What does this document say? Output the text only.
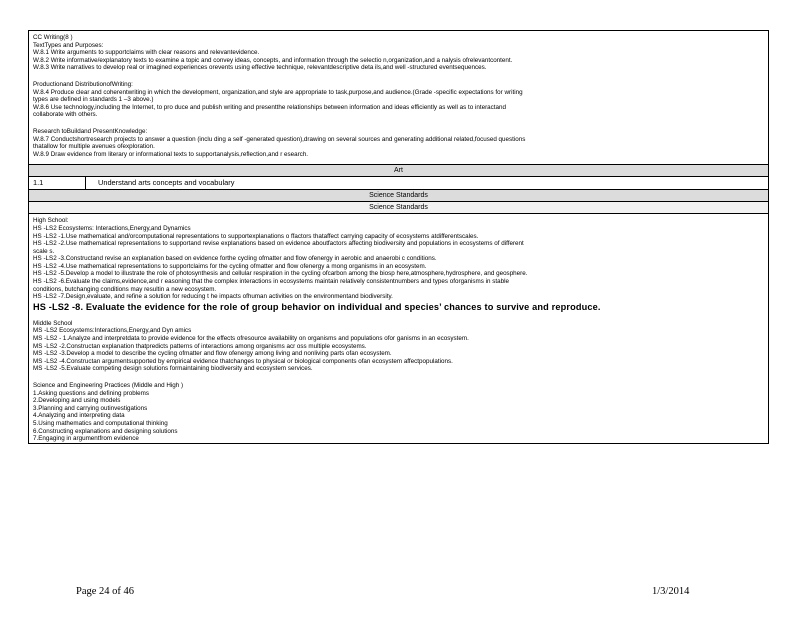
CC Writing(8 )
TextTypes and Purposes:
W.8.1 Write arguments to supportclaims with clear reasons and relevantevidence.
W.8.2 Write informative/explanatory texts to examine a topic and convey ideas, concepts, and information through the selectio n,organization,and a nalysis ofrelevantcontent.
W.8.3 Write narratives to develop real or imagined experiences orevents using effective technique, relevantdescriptive deta ils,and well -structured eventsequences.
Productionand DistributionofWriting:
W.8.4 Produce clear and coherentwriting in which the development, organization,and style are appropriate to task,purpose,and audience.(Grade -specific expectations for writing
types are defined in standards 1 –3 above.)
W.8.6 Use technology,including the Internet, to pro duce and publish writing and presentthe relationships between information and ideas efficiently as well as to interactand
collaborate with others.
Research toBuildand PresentKnowledge:
W.8.7 Conductshortresearch projects to answer a question (inclu ding a self -generated question),drawing on several sources and generating additional related,focused questions
thatallow for multiple avenues ofexploration.
W.8.9 Draw evidence from literary or informational texts to supportanalysis,reflection,and r esearch.
Art
1.1	Understand arts concepts and vocabulary
Science Standards
Science Standards
High School:
HS -LS2 Ecosystems: Interactions,Energy,and Dynamics
HS -LS2 -1.Use mathematical and/orcomputational representations to supportexplanations o ffactors thataffect carrying capacity of ecosystems atdifferentscales.
HS -LS2 -2.Use mathematical representations to supportand revise explanations based on evidence aboutfactors affecting biodiversity and populations in ecosystems of different
scale s.
HS -LS2 -3.Constructand revise an explanation based on evidence forthe cycling ofmatter and flow ofenergy in aerobic and anaerobi c conditions.
HS -LS2 -4.Use mathematical representations to supportclaims for the cycling ofmatter and flow ofenergy a mong organisms in an ecosystem.
HS -LS2 -5.Develop a model to illustrate the role of photosynthesis and cellular respiration in the cycling ofcarbon among the biosp here,atmosphere,hydrosphere, and geosphere.
HS -LS2 -6.Evaluate the claims,evidence,and r easoning that the complex interactions in ecosystems maintain relatively consistentnumbers and types oforganisms in stable
conditions, butchanging conditions may resultin a new ecosystem.
HS -LS2 -7.Design,evaluate, and refine a solution for reducing t he impacts ofhuman activities on the environmentand biodiversity.
HS -LS2 -8. Evaluate the evidence for the role of group behavior on individual and species’ chances to survive and reproduce.
Middle School
MS -LS2 Ecosystems:Interactions,Energy,and Dyn amics
MS -LS2 - 1.Analyze and interpretdata to provide evidence for the effects ofresource availability on organisms and populations ofor ganisms in an ecosystem.
MS -LS2 -2.Constructan explanation thatpredicts patterns of interactions among organisms acr oss multiple ecosystems.
MS -LS2 -3.Develop a model to describe the cycling ofmatter and flow ofenergy among living and nonliving parts ofan ecosystem.
MS -LS2 -4.Constructan argumentsupported by empirical evidence thatchanges to physical or biological components ofan ecosystem affectpopulations.
MS -LS2 -5.Evaluate competing design solutions formaintaining biodiversity and ecosystem services.
Science and Engineering Practices (Middle and High )
1.Asking questions and defining problems
2.Developing and using models
3.Planning and carrying outinvestigations
4.Analyzing and interpreting data
5.Using mathematics and computational thinking
6.Constructing explanations and designing solutions
7.Engaging in argumentfrom evidence
Page 24 of 46	1/3/2014
